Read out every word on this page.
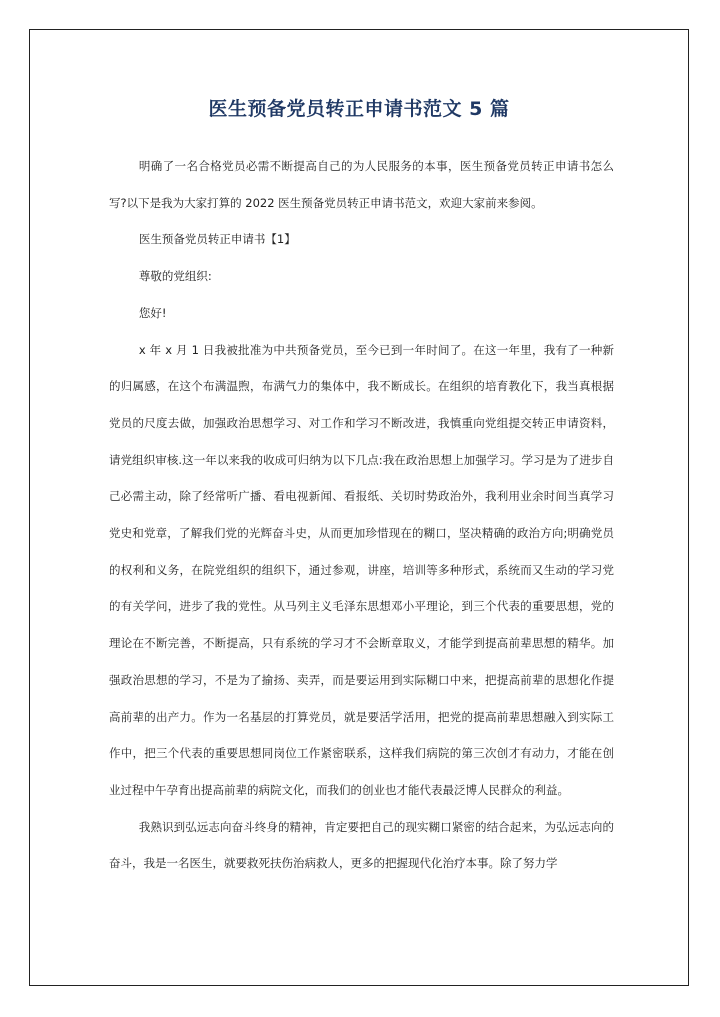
医生预备党员转正申请书范文 5 篇

明确了一名合格党员必需不断提高自己的为人民服务的本事，医生预备党员转正申请书怎么写?以下是我为大家打算的 2022 医生预备党员转正申请书范文，欢迎大家前来参阅。

医生预备党员转正申请书【1】

尊敬的党组织:

您好!

x 年 x 月 1 日我被批准为中共预备党员，至今已到一年时间了。在这一年里，我有了一种新的归属感，在这个布满温煦，布满气力的集体中，我不断成长。在组织的培育教化下，我当真根据党员的尺度去做，加强政治思想学习、对工作和学习不断改进，我慎重向党组提交转正申请资料，请党组织审核.这一年以来我的收成可归纳为以下几点:我在政治思想上加强学习。学习是为了进步自己必需主动，除了经常听广播、看电视新闻、看报纸、关切时势政治外，我利用业余时间当真学习党史和党章，了解我们党的光辉奋斗史，从而更加珍惜现在的糊口，坚决精确的政治方向;明确党员的权利和义务，在院党组织的组织下，通过参观，讲座，培训等多种形式，系统而又生动的学习党的有关学问，进步了我的党性。从马列主义毛泽东思想邓小平理论，到三个代表的重要思想，党的理论在不断完善，不断提高，只有系统的学习才不会断章取义，才能学到提高前辈思想的精华。加强政治思想的学习，不是为了揄扬、卖弄，而是要运用到实际糊口中来，把提高前辈的思想化作提高前辈的出产力。作为一名基层的打算党员，就是要活学活用，把党的提高前辈思想融入到实际工作中，把三个代表的重要思想同岗位工作紧密联系，这样我们病院的第三次创才有动力，才能在创业过程中午孕育出提高前辈的病院文化，而我们的创业也才能代表最泛博人民群众的利益。

我熟识到弘远志向奋斗终身的精神，肯定要把自己的现实糊口紧密的结合起来，为弘远志向的奋斗，我是一名医生，就要救死扶伤治病救人，更多的把握现代化治疗本事。除了努力学
